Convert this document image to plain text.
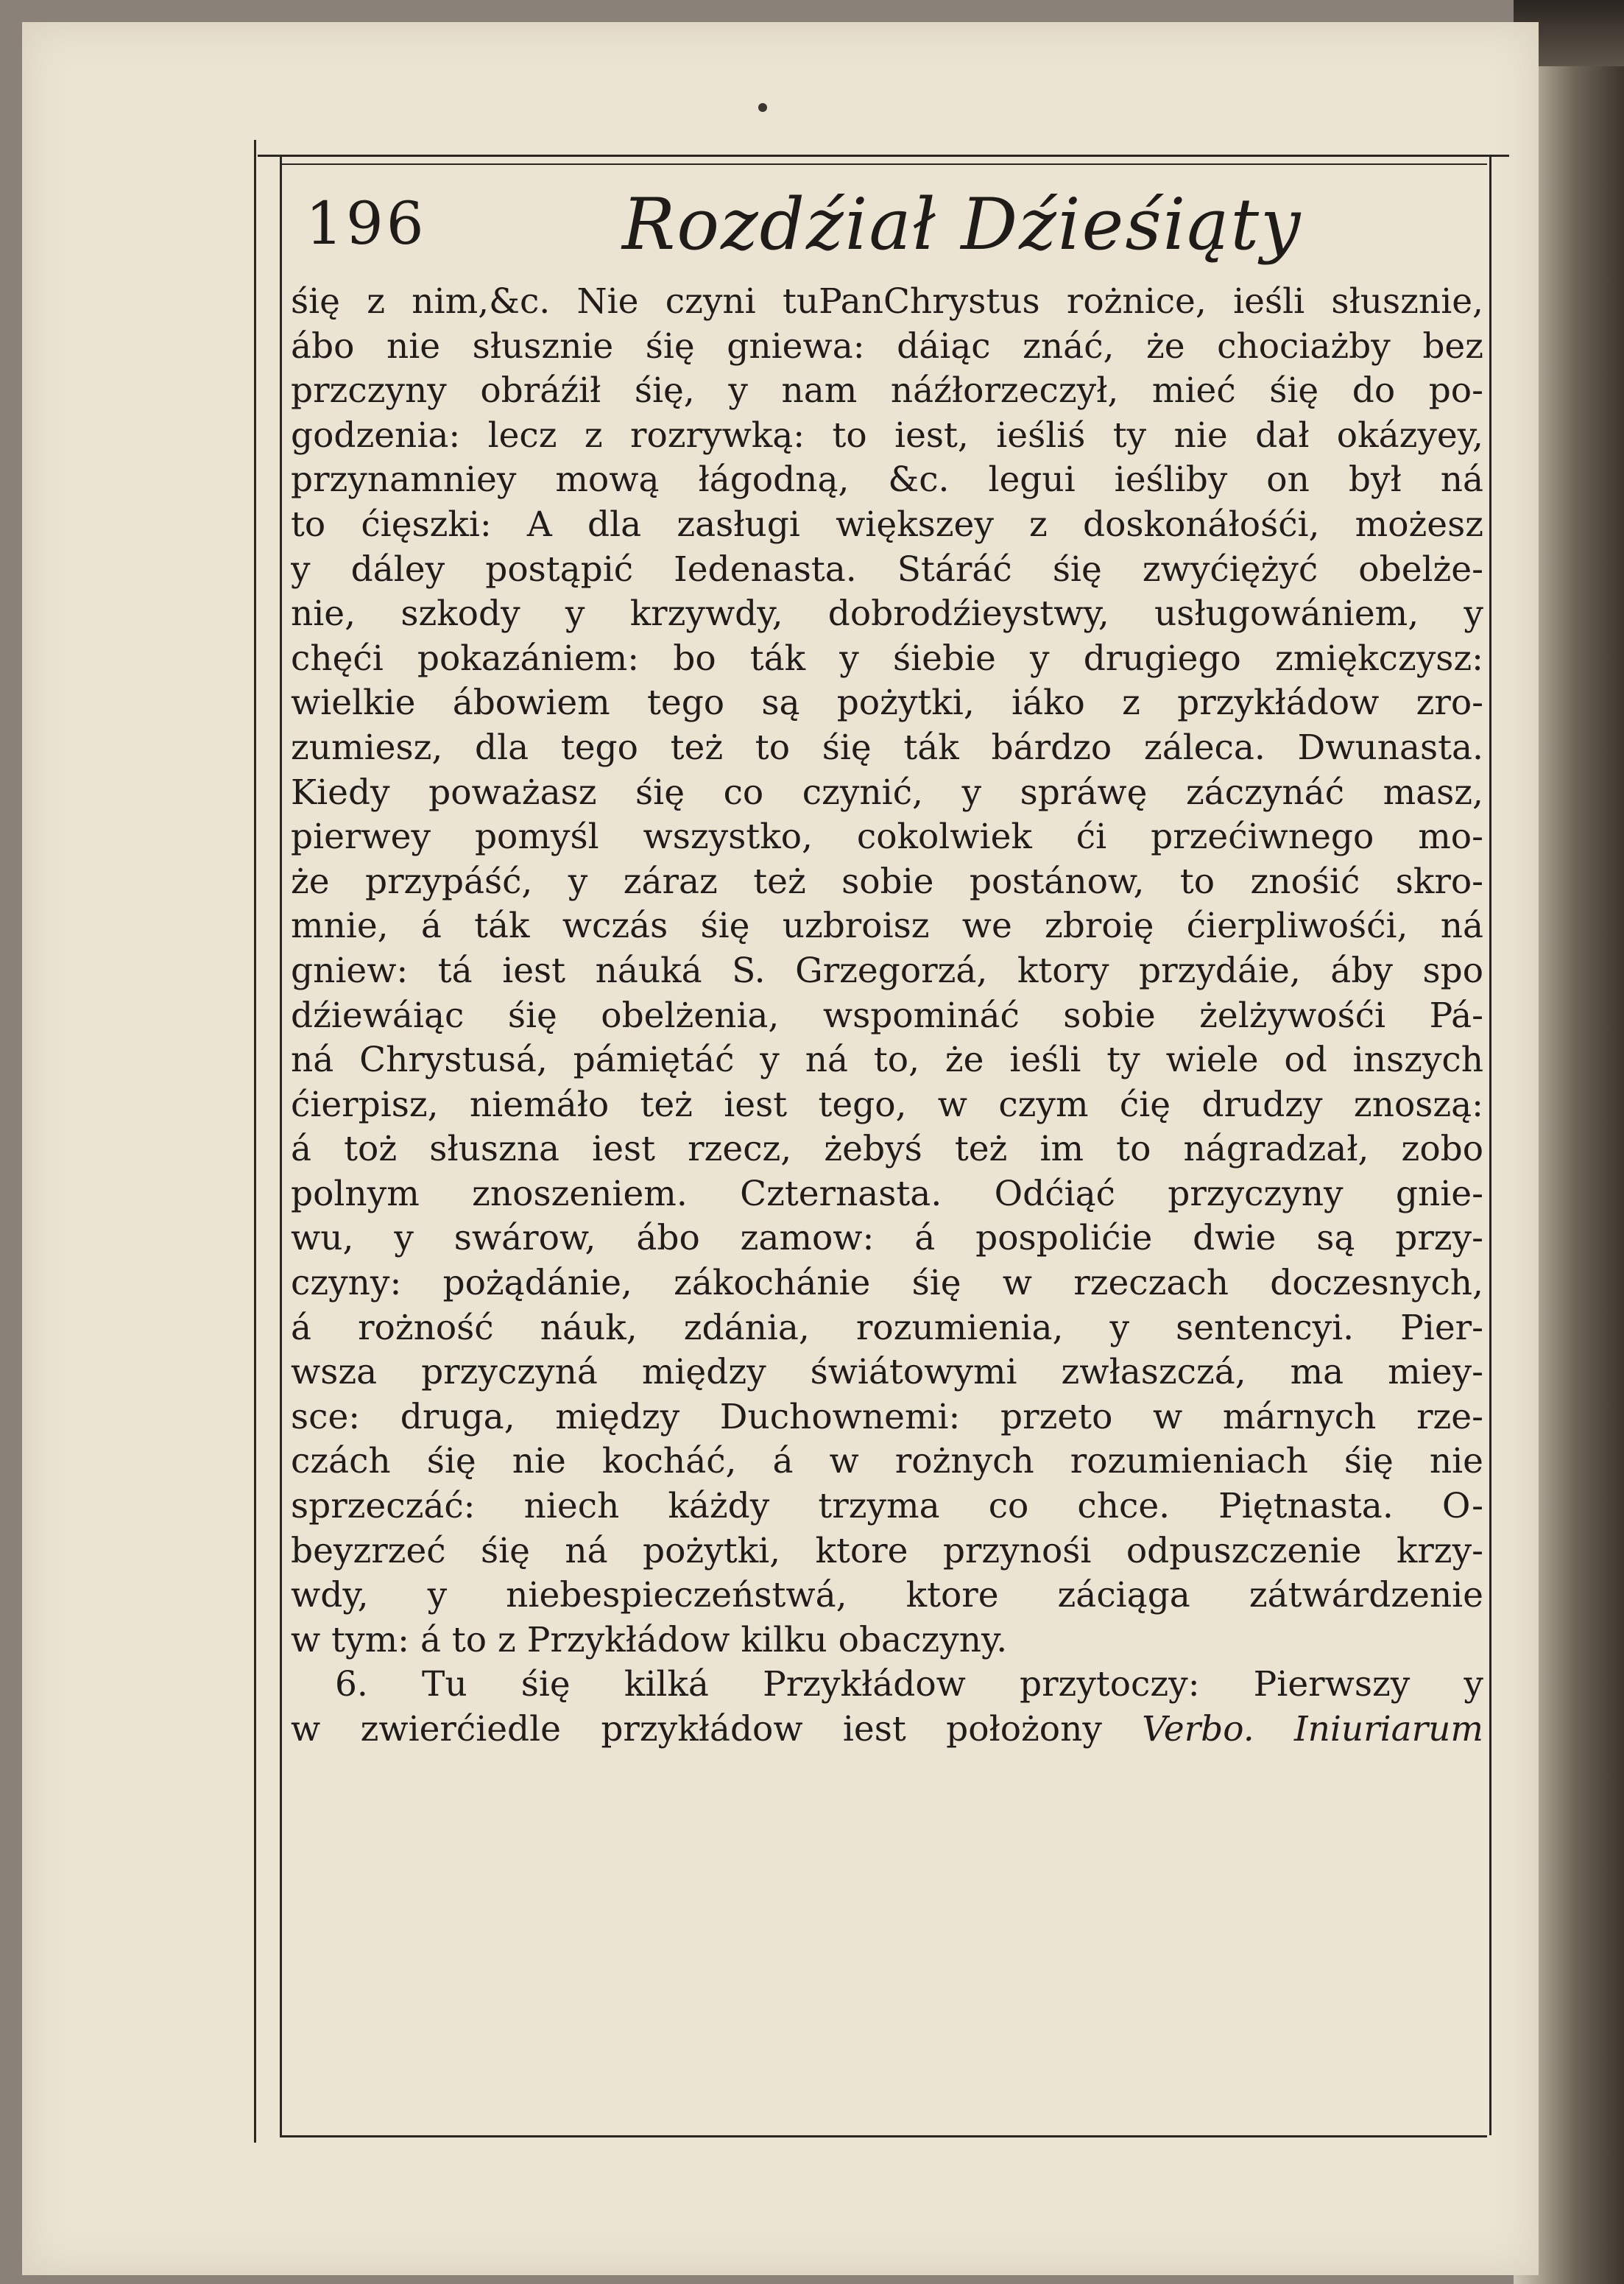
196	Rozdźiał Dźieśiąty
śię z nim,&c. Nie czyni tuPanChrystus rożnice, ieśli słusznie,
ábo nie słusznie śię gniewa: dáiąc znáć, że chociażby bez
przczyny obráźił śię, y nam náźłorzeczył, mieć śię do po-
godzenia: lecz z rozrywką: to iest, ieśliś ty nie dał okázyey,
przynamniey mową łágodną, &c. legui ieśliby on był ná
to ćięszki: A dla zasługi większey z doskonáłośći, możesz
y dáley postąpić Iedenasta. Stáráć śię zwyćiężyć obelże-
nie, szkody y krzywdy, dobrodźieystwy, usługowániem, y
chęći pokazániem: bo ták y śiebie y drugiego zmiękczysz:
wielkie ábowiem tego są pożytki, iáko z przykłádow zro-
zumiesz, dla tego też to śię ták bárdzo záleca. Dwunasta.
Kiedy poważasz śię co czynić, y spráwę záczynáć masz,
pierwey pomyśl wszystko, cokolwiek ći przećiwnego mo-
że przypáść, y záraz też sobie postánow, to znośić skro-
mnie, á ták wczás śię uzbroisz we zbroię ćierpliwośći, ná
gniew: tá iest náuká S. Grzegorzá, ktory przydáie, áby spo
dźiewáiąc śię obelżenia, wspomináć sobie żelżywośći Pá-
ná Chrystusá, pámiętáć y ná to, że ieśli ty wiele od inszych
ćierpisz, niemáło też iest tego, w czym ćię drudzy znoszą:
á toż słuszna iest rzecz, żebyś też im to nágradzał, zobo
polnym znoszeniem. Czternasta. Odćiąć przyczyny gnie-
wu, y swárow, ábo zamow: á pospolićie dwie są przy-
czyny: pożądánie, zákochánie śię w rzeczach doczesnych,
á rożność náuk, zdánia, rozumienia, y sentencyi. Pier-
wsza przyczyná między świátowymi zwłaszczá, ma miey-
sce: druga, między Duchownemi: przeto w márnych rze-
czách śię nie kocháć, á w rożnych rozumieniach śię nie
sprzeczáć: niech káżdy trzyma co chce. Piętnasta. O-
beyzrzeć śię ná pożytki, ktore przynośi odpuszczenie krzy-
wdy, y niebespieczeństwá, ktore záciąga zátwárdzenie
w tym: á to z Przykłádow kilku obaczyny.
6. Tu śię kilká Przykłádow przytoczy: Pierwszy y
w zwierćiedle przykłádow iest położony Verbo. Iniuriarum
